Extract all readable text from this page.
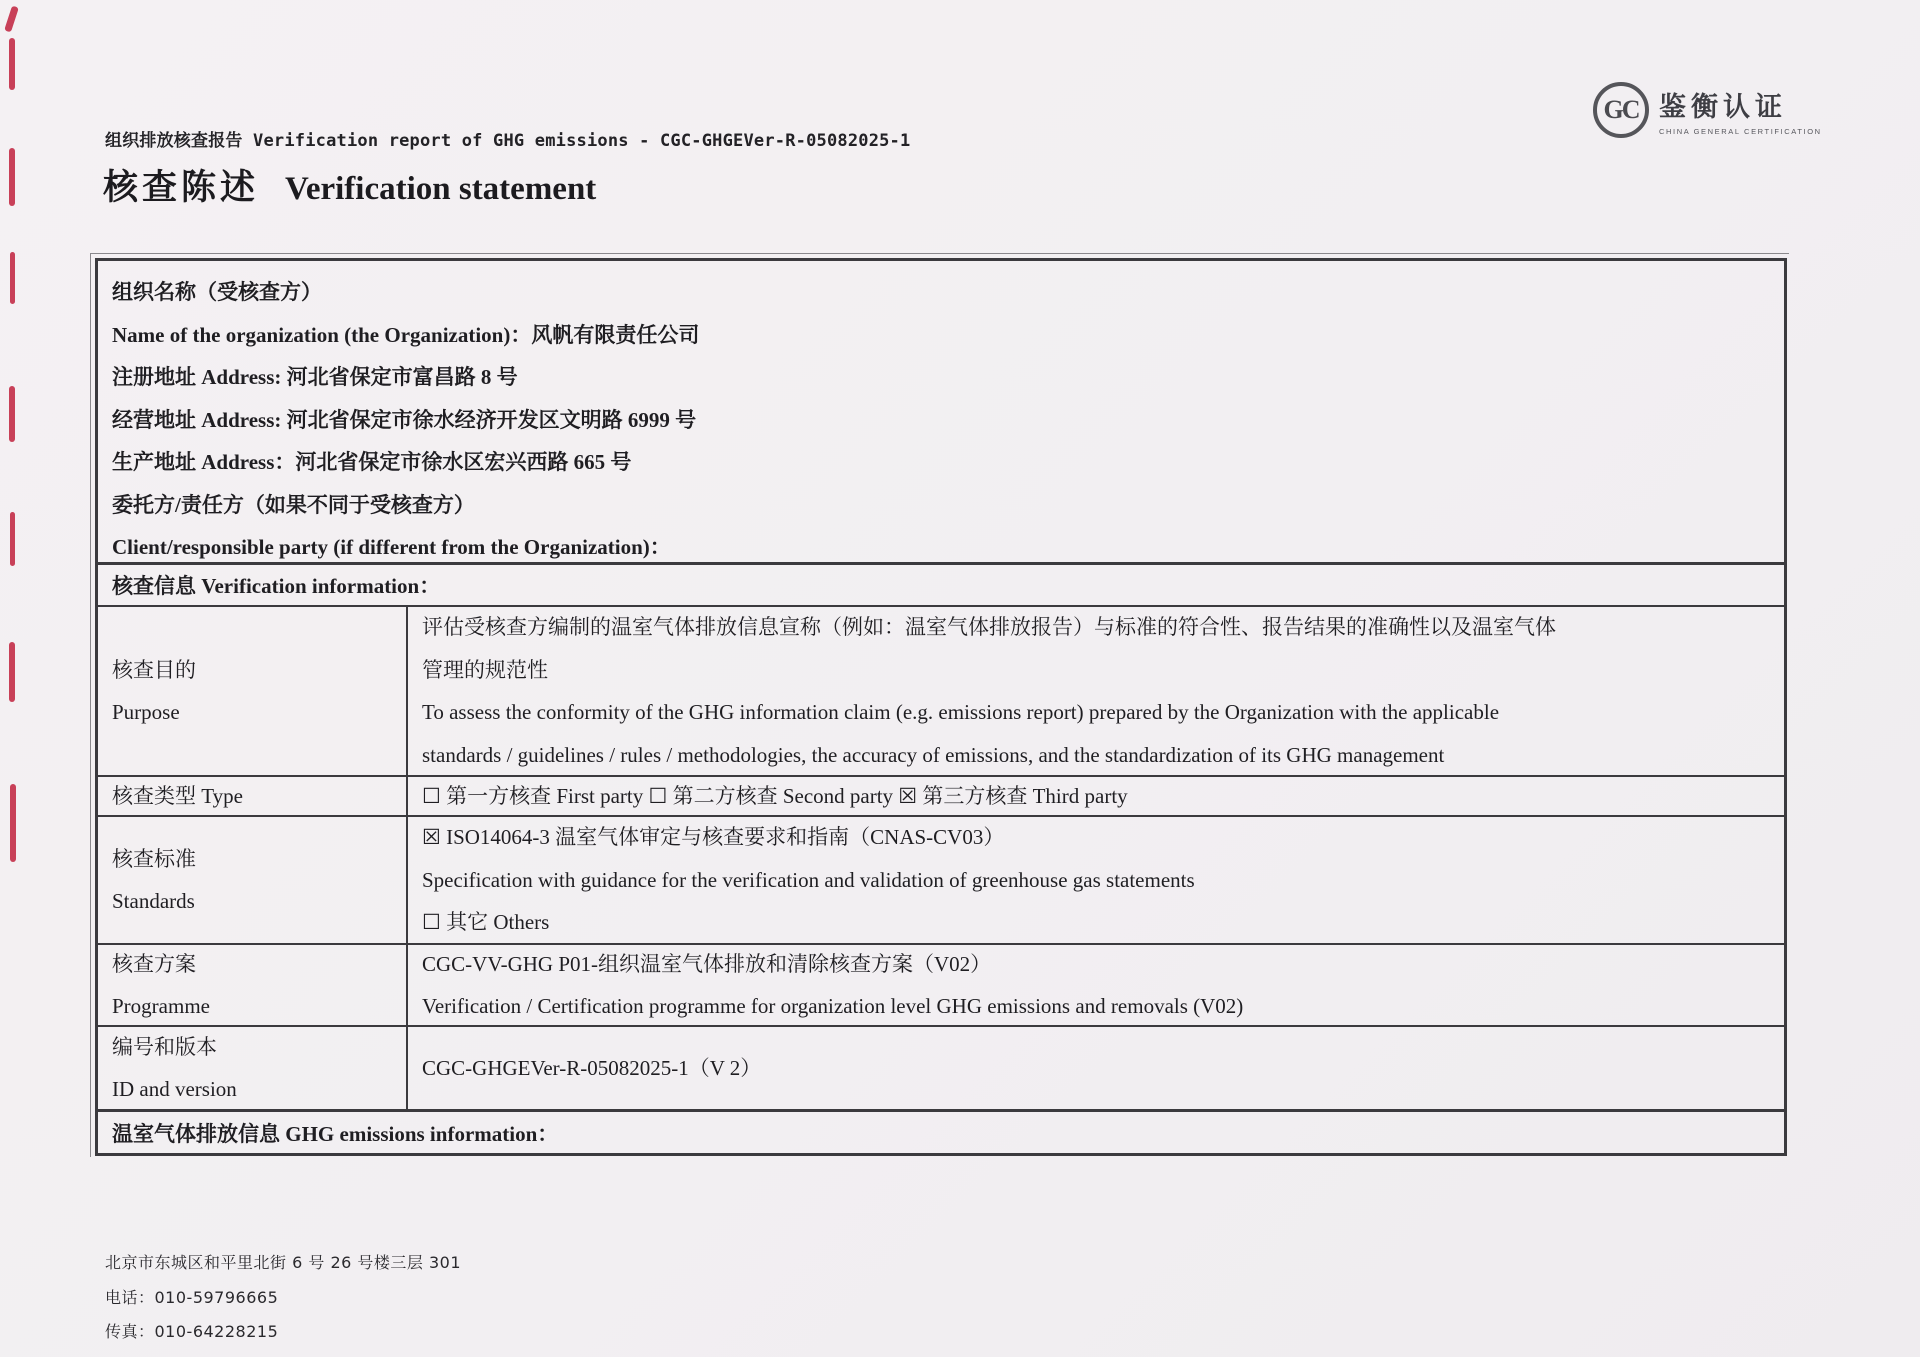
组织排放核查报告 Verification report of GHG emissions - CGC-GHGEVer-R-05082025-1
GC 鉴衡认证
CHINA GENERAL CERTIFICATION
核查陈述 Verification statement
组织名称（受核查方）
Name of the organization (the Organization)：风帆有限责任公司
注册地址 Address: 河北省保定市富昌路 8 号
经营地址 Address: 河北省保定市徐水经济开发区文明路 6999 号
生产地址 Address：河北省保定市徐水区宏兴西路 665 号
委托方/责任方（如果不同于受核查方）
Client/responsible party (if different from the Organization)：
核查信息 Verification information：
核查目的
Purpose
评估受核查方编制的温室气体排放信息宣称（例如：温室气体排放报告）与标准的符合性、报告结果的准确性以及温室气体
管理的规范性
To assess the conformity of the GHG information claim (e.g. emissions report) prepared by the Organization with the applicable
standards / guidelines / rules / methodologies, the accuracy of emissions, and the standardization of its GHG management
核查类型 Type	☐ 第一方核查 First party ☐ 第二方核查 Second party ☒ 第三方核查 Third party
核查标准
Standards
☒ ISO14064-3 温室气体审定与核查要求和指南（CNAS-CV03）
Specification with guidance for the verification and validation of greenhouse gas statements
☐ 其它 Others
核查方案
Programme
CGC-VV-GHG P01-组织温室气体排放和清除核查方案（V02）
Verification / Certification programme for organization level GHG emissions and removals (V02)
编号和版本
ID and version
CGC-GHGEVer-R-05082025-1（V 2）
温室气体排放信息 GHG emissions information：
北京市东城区和平里北街 6 号 26 号楼三层 301
电话：010-59796665
传真：010-64228215
